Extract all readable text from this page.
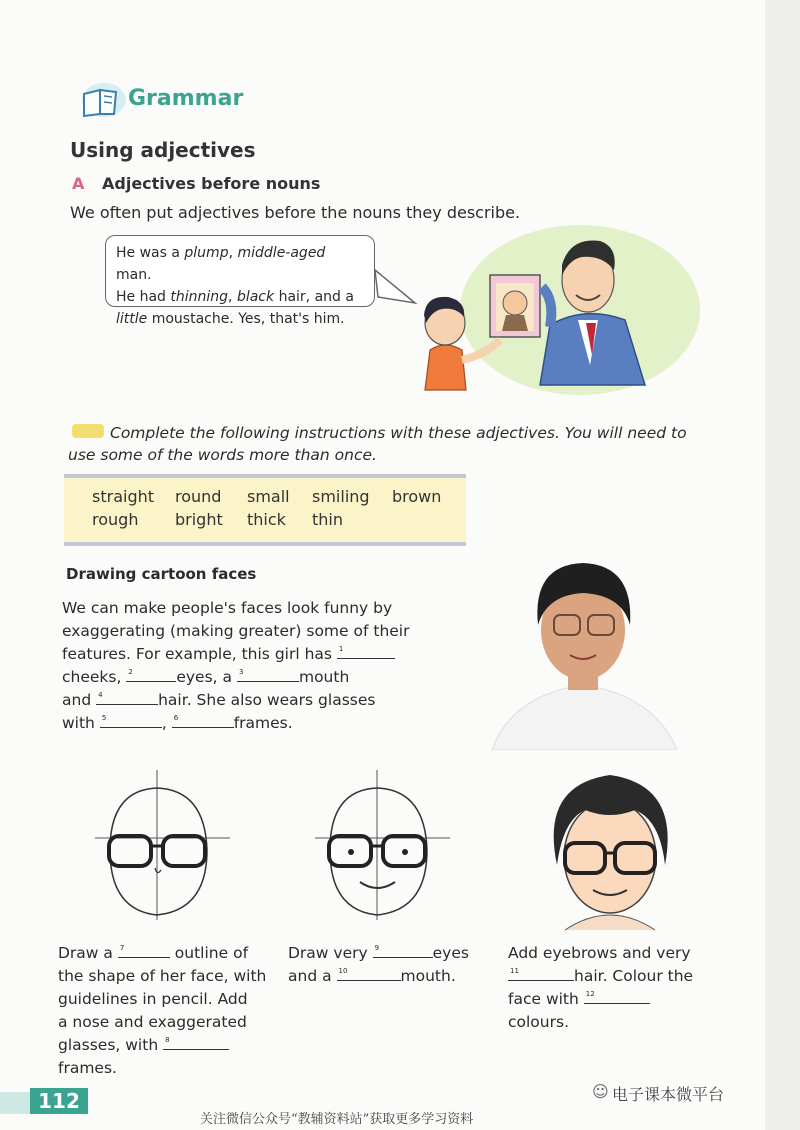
Grammar
Using adjectives
A Adjectives before nouns
We often put adjectives before the nouns they describe.
He was a plump, middle-aged man.
He had thinning, black hair, and a
little moustache. Yes, that's him.
Complete the following instructions with these adjectives. You will need to use some of the words more than once.
straight round small smiling brown
rough bright thick thin
Drawing cartoon faces
We can make people's faces look funny by exaggerating (making greater) some of their features. For example, this girl has 1
cheeks, 2	eyes, a 3	mouth
and 4	hair. She also wears glasses
with 5	, 6	frames.
Draw a 7	outline of
the shape of her face, with
guidelines in pencil. Add
a nose and exaggerated
glasses, with 8

frames.
Draw very 9	eyes
and a 10	mouth.
Add eyebrows and very

11	hair. Colour the
face with 12

colours.
112	☺ 电子课本微平台
关注微信公众号“教辅资料站”获取更多学习资料
